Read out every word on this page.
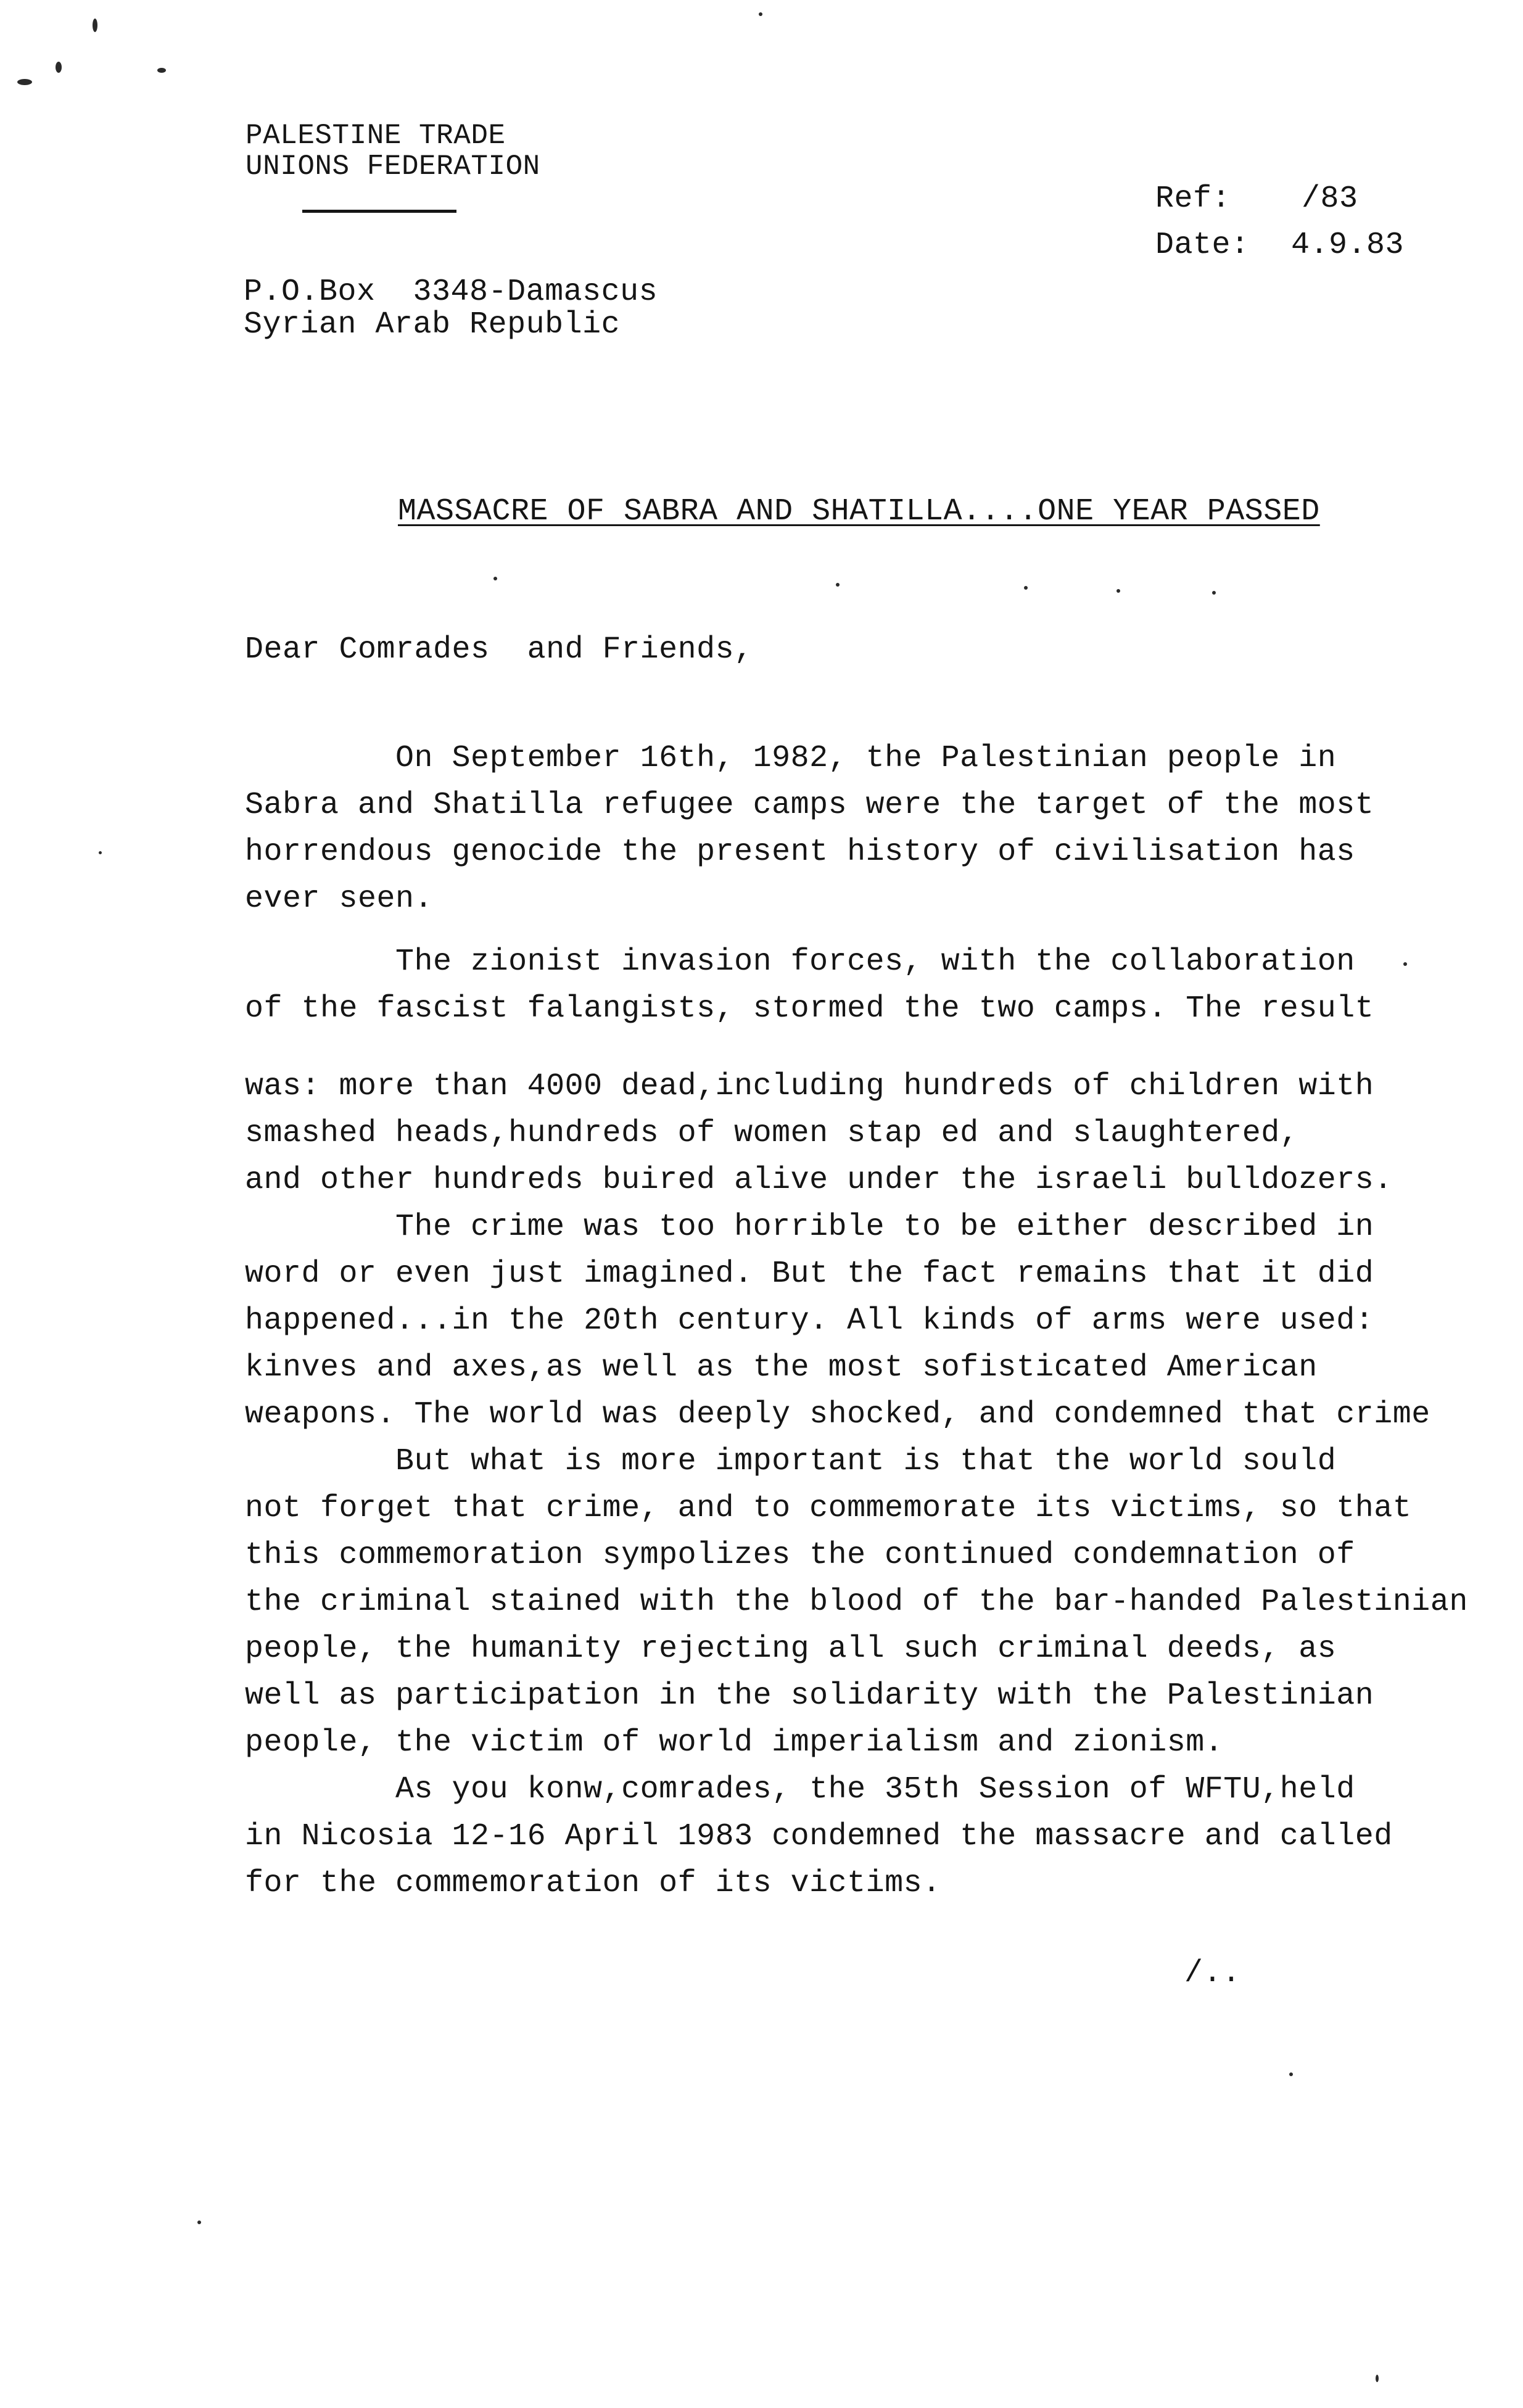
PALESTINE TRADE
UNIONS FEDERATION
Ref: /83
Date: 4.9.83
P.O.Box  3348-Damascus
Syrian Arab Republic
MASSACRE OF SABRA AND SHATILLA....ONE YEAR PASSED
Dear Comrades  and Friends,
On September 16th, 1982, the Palestinian people in
Sabra and Shatilla refugee camps were the target of the most
horrendous genocide the present history of civilisation has
ever seen.
The zionist invasion forces, with the collaboration
of the fascist falangists, stormed the two camps. The result
was: more than 4000 dead,including hundreds of children with
smashed heads,hundreds of women stap ed and slaughtered,
and other hundreds buired alive under the israeli bulldozers.
The crime was too horrible to be either described in
word or even just imagined. But the fact remains that it did
happened...in the 20th century. All kinds of arms were used:
kinves and axes,as well as the most sofisticated American
weapons. The world was deeply shocked, and condemned that crime
But what is more important is that the world sould
not forget that crime, and to commemorate its victims, so that
this commemoration sympolizes the continued condemnation of
the criminal stained with the blood of the bar-handed Palestinian
people, the humanity rejecting all such criminal deeds, as
well as participation in the solidarity with the Palestinian
people, the victim of world imperialism and zionism.
As you konw,comrades, the 35th Session of WFTU,held
in Nicosia 12-16 April 1983 condemned the massacre and called
for the commemoration of its victims.
/..
